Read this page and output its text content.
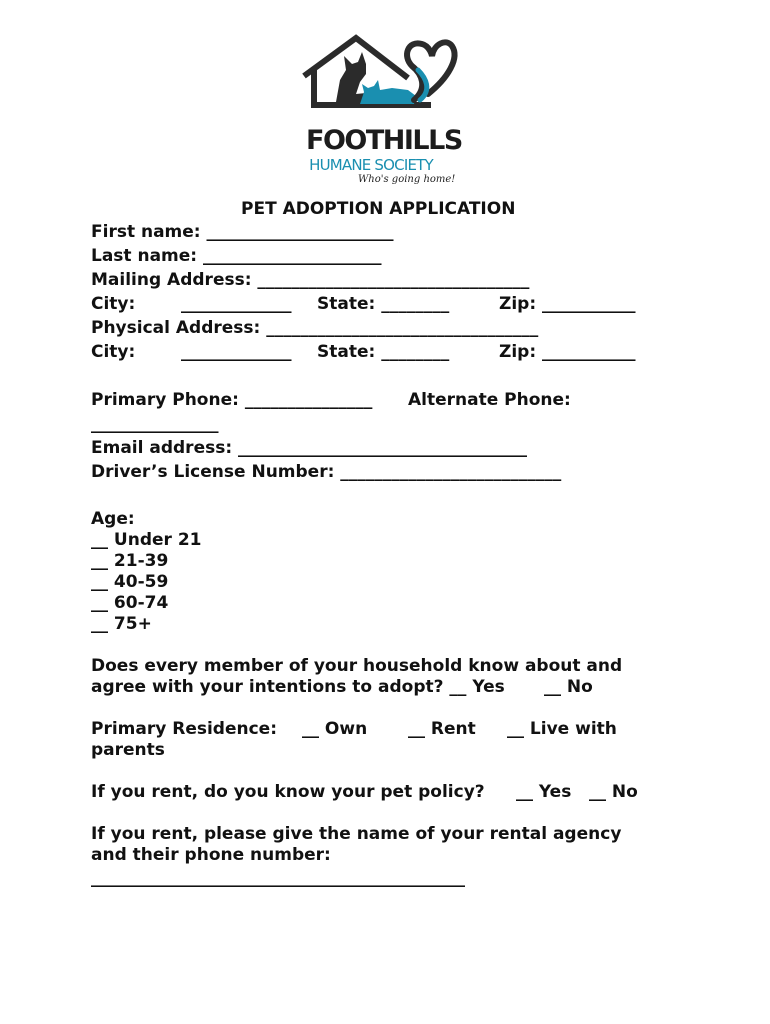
FOOTHILLS
HUMANE SOCIETY
Who's going home!
PET ADOPTION APPLICATION
First name: ______________________
Last name: _____________________
Mailing Address: ________________________________
City:	_____________ State: ________	Zip: ___________
Physical Address: ________________________________
City:	_____________ State: ________	Zip: ___________
Primary Phone: _______________ Alternate Phone:
_______________
Email address: __________________________________
Driver’s License Number: __________________________
Age:
__ Under 21
__ 21-39
__ 40-59
__ 60-74
__ 75+
Does every member of your household know about and
agree with your intentions to adopt? __ Yes __ No
Primary Residence: __ Own __ Rent __ Live with
parents
If you rent, do you know your pet policy? __ Yes __ No
If you rent, please give the name of your rental agency
and their phone number:
____________________________________________
